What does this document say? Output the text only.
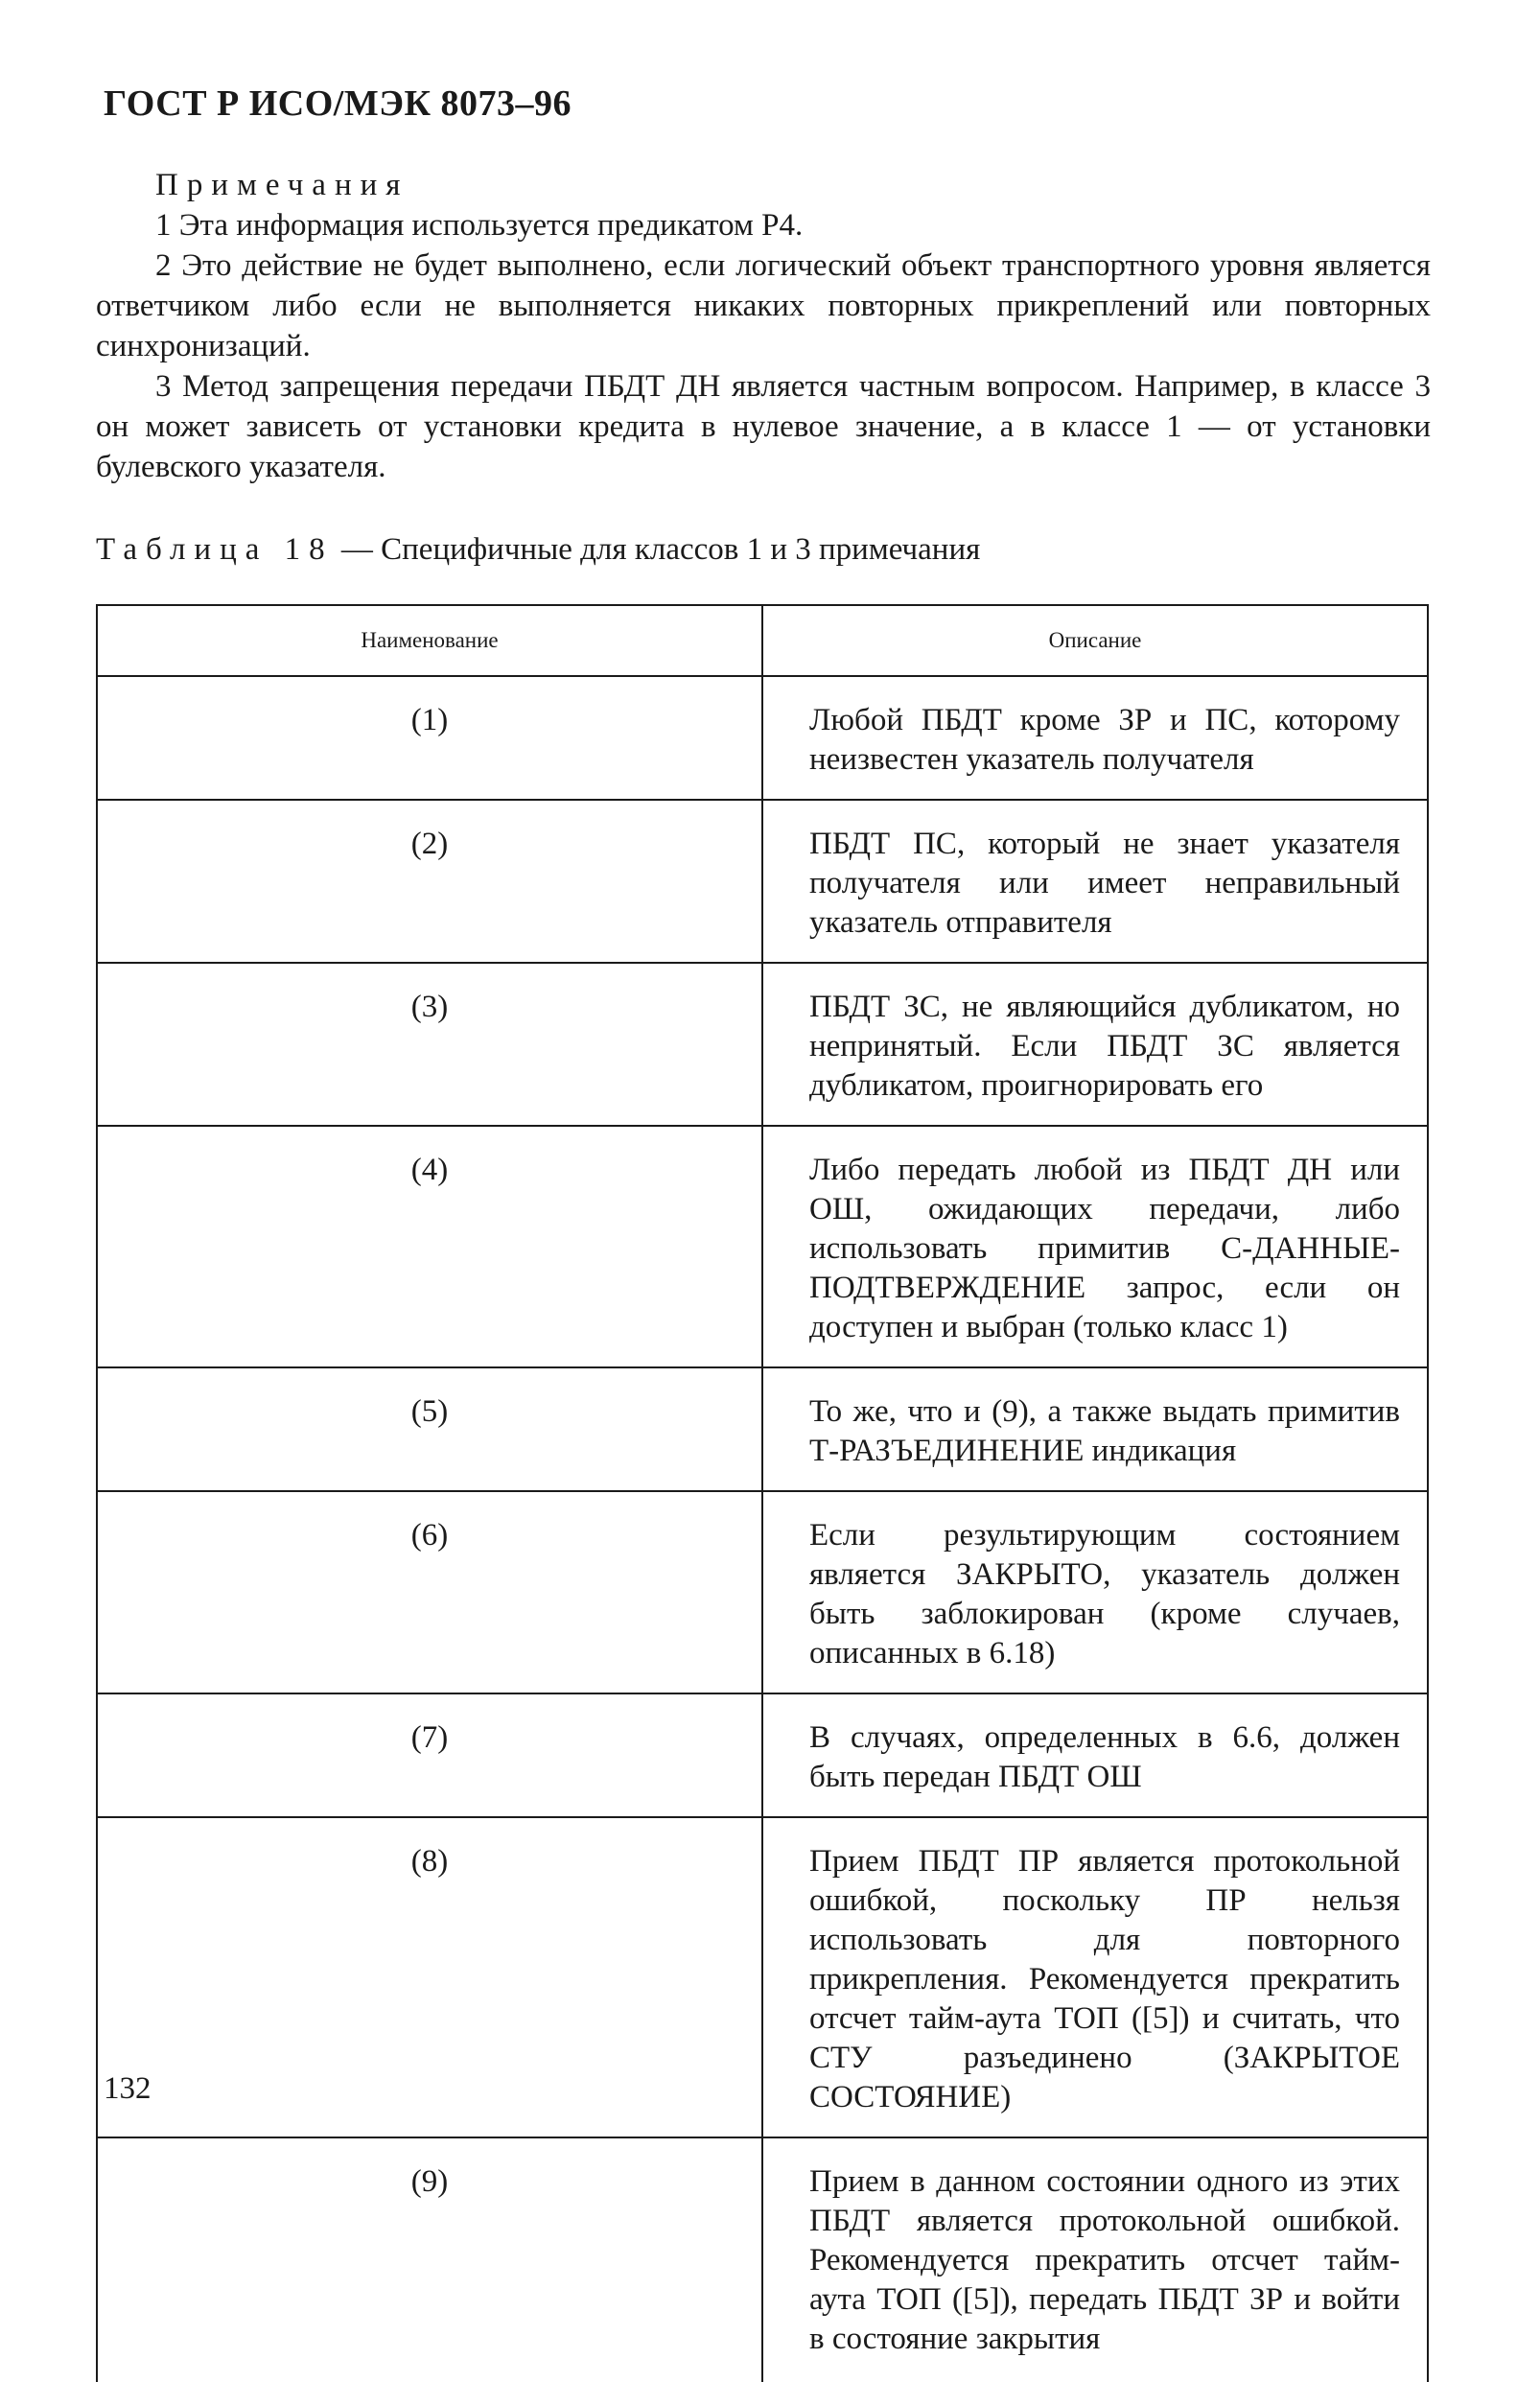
ГОСТ Р ИСО/МЭК 8073–96

Примечания

1 Эта информация используется предикатом Р4.

2 Это действие не будет выполнено, если логический объект транспортного уровня является ответчиком либо если не выполняется никаких повторных прикреплений или повторных синхронизаций.

3 Метод запрещения передачи ПБДТ ДН является частным вопросом. Например, в классе 3 он может зависеть от установки кредита в нулевое значение, а в классе 1 — от установки булевского указателя.

Таблица 18 — Специфичные для классов 1 и 3 примечания
Наименование	Описание
(1)	Любой ПБДТ кроме ЗР и ПС, которому неизвестен указатель получателя
(2)	ПБДТ ПС, который не знает указателя получателя или имеет неправильный указатель отправителя
(3)	ПБДТ ЗС, не являющийся дубликатом, но непринятый. Если ПБДТ ЗС является дубликатом, проигнорировать его
(4)	Либо передать любой из ПБДТ ДН или ОШ, ожидающих передачи, либо использовать примитив С-ДАННЫЕ-ПОДТВЕРЖДЕНИЕ запрос, если он доступен и выбран (только класс 1)
(5)	То же, что и (9), а также выдать примитив Т-РАЗЪЕДИНЕНИЕ индикация
(6)	Если результирующим состоянием является ЗАКРЫТО, указатель должен быть заблокирован (кроме случаев, описанных в 6.18)
(7)	В случаях, определенных в 6.6, должен быть передан ПБДТ ОШ
(8)	Прием ПБДТ ПР является протокольной ошибкой, поскольку ПР нельзя использовать для повторного прикрепления. Рекомендуется прекратить отсчет тайм-аута ТОП ([5]) и считать, что СТУ разъединено (ЗАКРЫТОЕ СОСТОЯНИЕ)
(9)	Прием в данном состоянии одного из этих ПБДТ является протокольной ошибкой. Рекомендуется прекратить отсчет тайм-аута ТОП ([5]), передать ПБДТ ЗР и войти в состояние закрытия
132
